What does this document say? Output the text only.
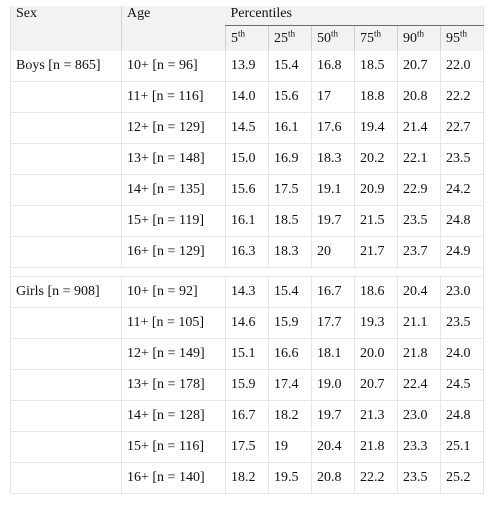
Sex	Age	Percentiles					
		5th	25th	50th	75th	90th	95th
Boys [n = 865]	10+ [n = 96]	13.9	15.4	16.8	18.5	20.7	22.0
	11+ [n = 116]	14.0	15.6	17	18.8	20.8	22.2
	12+ [n = 129]	14.5	16.1	17.6	19.4	21.4	22.7
	13+ [n = 148]	15.0	16.9	18.3	20.2	22.1	23.5
	14+ [n = 135]	15.6	17.5	19.1	20.9	22.9	24.2
	15+ [n = 119]	16.1	18.5	19.7	21.5	23.5	24.8
	16+ [n = 129]	16.3	18.3	20	21.7	23.7	24.9

Girls [n = 908]	10+ [n = 92]	14.3	15.4	16.7	18.6	20.4	23.0
	11+ [n = 105]	14.6	15.9	17.7	19.3	21.1	23.5
	12+ [n = 149]	15.1	16.6	18.1	20.0	21.8	24.0
	13+ [n = 178]	15.9	17.4	19.0	20.7	22.4	24.5
	14+ [n = 128]	16.7	18.2	19.7	21.3	23.0	24.8
	15+ [n = 116]	17.5	19	20.4	21.8	23.3	25.1
	16+ [n = 140]	18.2	19.5	20.8	22.2	23.5	25.2
